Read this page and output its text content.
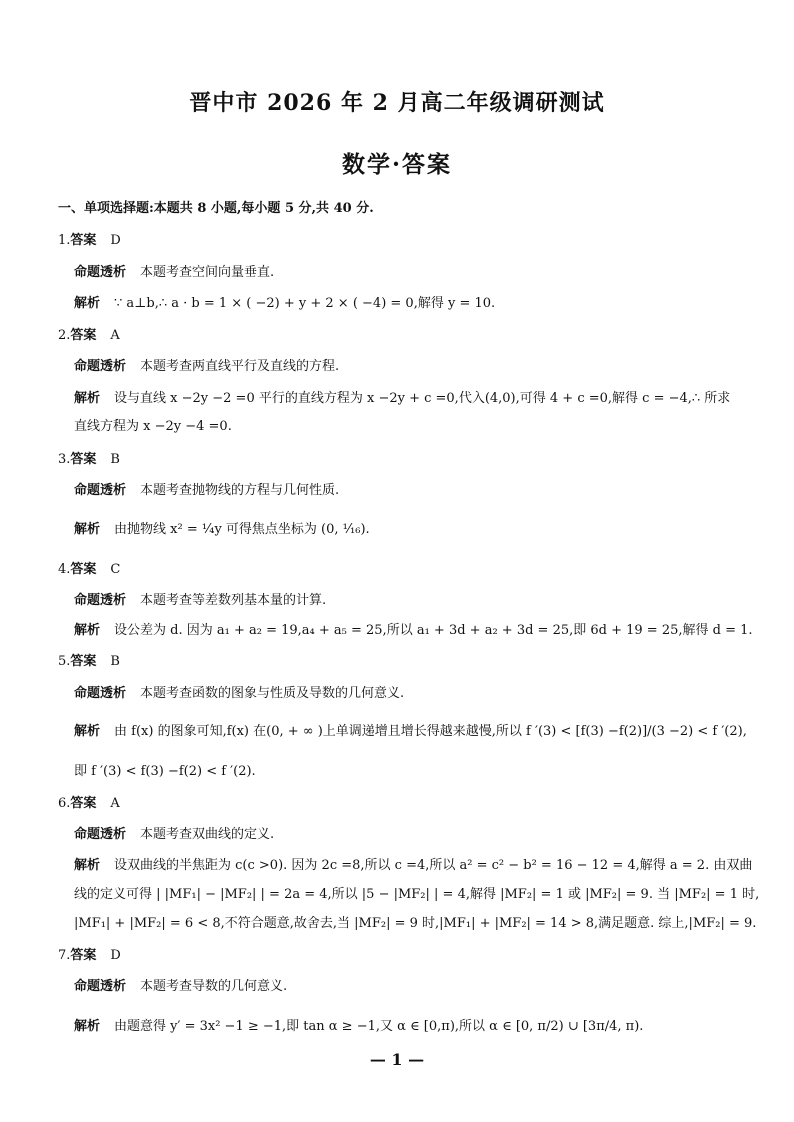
晋中市 2026 年 2 月高二年级调研测试
数学·答案
一、单项选择题:本题共 8 小题,每小题 5 分,共 40 分.
1.答案 D
命题透析 本题考查空间向量垂直.
解析 ∵ a⊥b,∴ a · b = 1 × ( −2) + y + 2 × ( −4) = 0,解得 y = 10.
2.答案 A
命题透析 本题考查两直线平行及直线的方程.
解析 设与直线 x −2y −2 =0 平行的直线方程为 x −2y + c =0,代入(4,0),可得 4 + c =0,解得 c = −4,∴ 所求
直线方程为 x −2y −4 =0.
3.答案 B
命题透析 本题考查抛物线的方程与几何性质.
解析 由抛物线 x² = ¹⁄₄y 可得焦点坐标为 (0, ¹⁄₁₆).
4.答案 C
命题透析 本题考查等差数列基本量的计算.
解析 设公差为 d. 因为 a₁ + a₂ = 19,a₄ + a₅ = 25,所以 a₁ + 3d + a₂ + 3d = 25,即 6d + 19 = 25,解得 d = 1.
5.答案 B
命题透析 本题考查函数的图象与性质及导数的几何意义.
解析 由 f(x) 的图象可知,f(x) 在(0, + ∞ )上单调递增且增长得越来越慢,所以 f ′(3) < [f(3) −f(2)]/(3 −2) < f ′(2),
即 f ′(3) < f(3) −f(2) < f ′(2).
6.答案 A
命题透析 本题考查双曲线的定义.
解析 设双曲线的半焦距为 c(c >0). 因为 2c =8,所以 c =4,所以 a² = c² − b² = 16 − 12 = 4,解得 a = 2. 由双曲
线的定义可得 | |MF₁| − |MF₂| | = 2a = 4,所以 |5 − |MF₂| | = 4,解得 |MF₂| = 1 或 |MF₂| = 9. 当 |MF₂| = 1 时,
|MF₁| + |MF₂| = 6 < 8,不符合题意,故舍去,当 |MF₂| = 9 时,|MF₁| + |MF₂| = 14 > 8,满足题意. 综上,|MF₂| = 9.
7.答案 D
命题透析 本题考查导数的几何意义.
解析 由题意得 y′ = 3x² −1 ≥ −1,即 tan α ≥ −1,又 α ∈ [0,π),所以 α ∈ [0, π/2) ∪ [3π/4, π).
— 1 —
